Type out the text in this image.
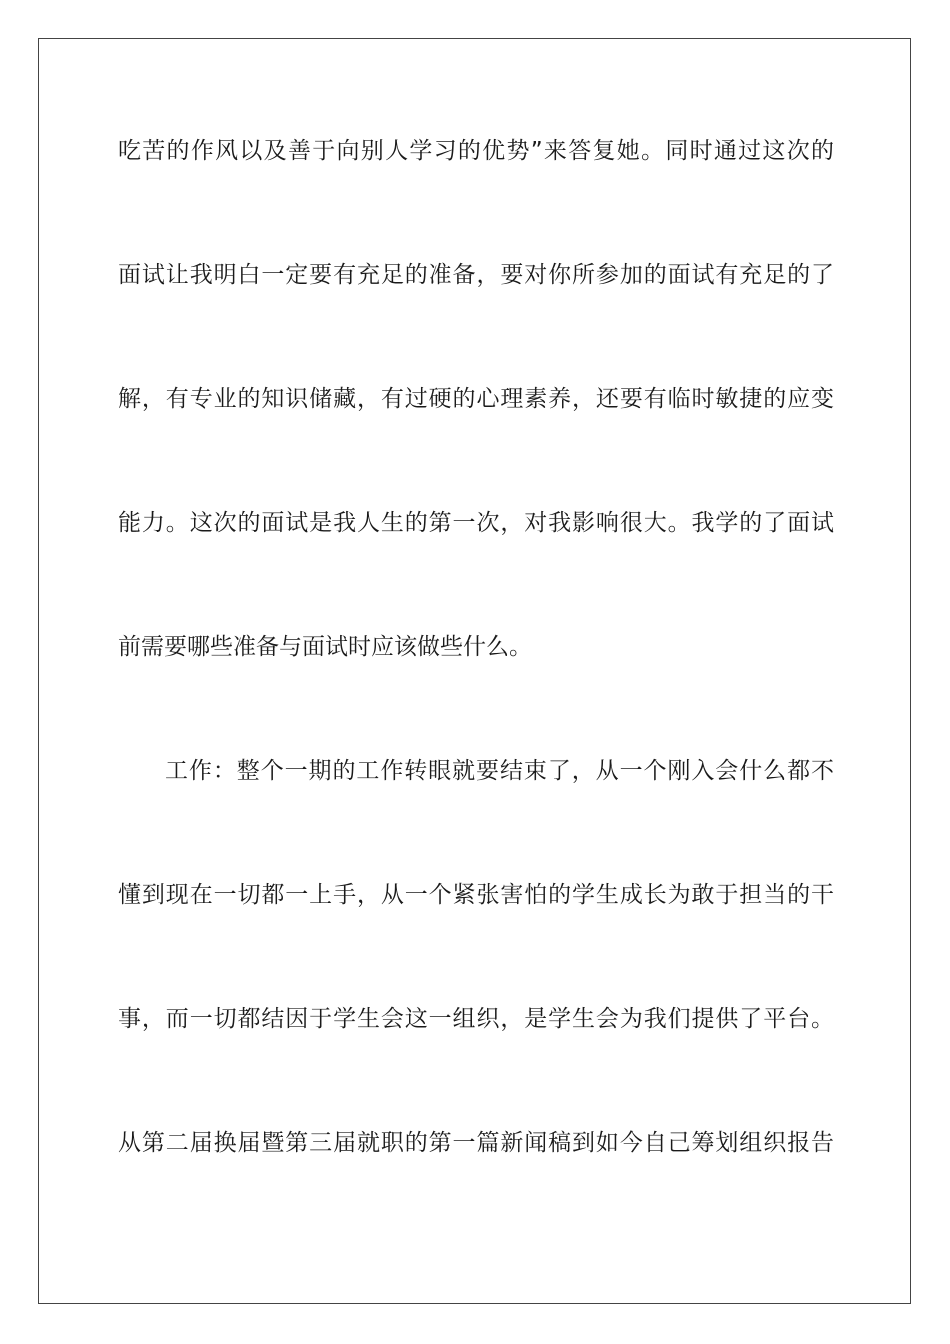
吃苦的作风以及善于向别人学习的优势”来答复她。同时通过这次的
面试让我明白一定要有充足的准备，要对你所参加的面试有充足的了
解，有专业的知识储藏，有过硬的心理素养，还要有临时敏捷的应变
能力。这次的面试是我人生的第一次，对我影响很大。我学的了面试
前需要哪些准备与面试时应该做些什么。
工作：整个一期的工作转眼就要结束了，从一个刚入会什么都不
懂到现在一切都一上手，从一个紧张害怕的学生成长为敢于担当的干
事，而一切都结因于学生会这一组织，是学生会为我们提供了平台。
从第二届换届暨第三届就职的第一篇新闻稿到如今自己筹划组织报告
